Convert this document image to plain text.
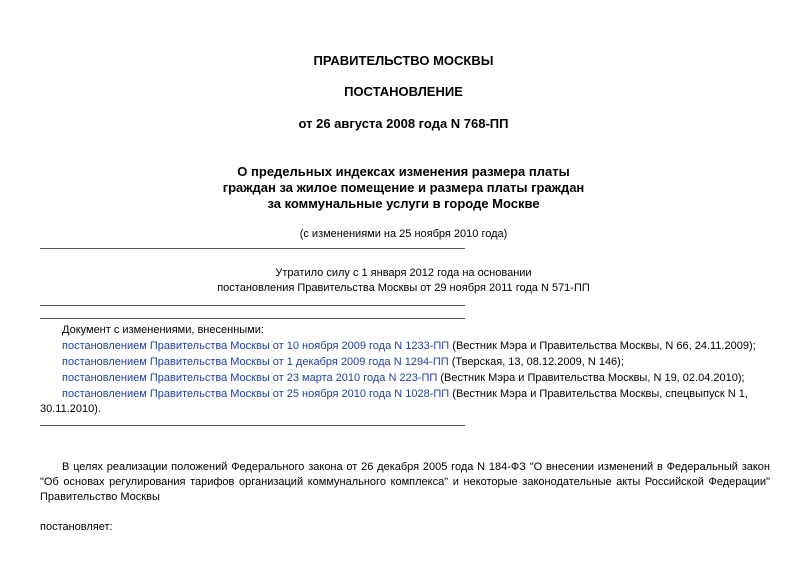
ПРАВИТЕЛЬСТВО МОСКВЫ
ПОСТАНОВЛЕНИЕ
от 26 августа 2008 года N 768-ПП
О предельных индексах изменения размера платы
граждан за жилое помещение и размера платы граждан
за коммунальные услуги в городе Москве
(с изменениями на 25 ноября 2010 года)
Утратило силу с 1 января 2012 года на основании
постановления Правительства Москвы от 29 ноября 2011 года N 571-ПП
Документ с изменениями, внесенными:
постановлением Правительства Москвы от 10 ноября 2009 года N 1233-ПП (Вестник Мэра и Правительства Москвы, N 66, 24.11.2009);
постановлением Правительства Москвы от 1 декабря 2009 года N 1294-ПП (Тверская, 13, 08.12.2009, N 146);
постановлением Правительства Москвы от 23 марта 2010 года N 223-ПП (Вестник Мэра и Правительства Москвы, N 19, 02.04.2010);
постановлением Правительства Москвы от 25 ноября 2010 года N 1028-ПП (Вестник Мэра и Правительства Москвы, спецвыпуск N 1,
30.11.2010).
В целях реализации положений Федерального закона от 26 декабря 2005 года N 184-ФЗ "О внесении изменений в Федеральный закон "Об основах регулирования тарифов организаций коммунального комплекса" и некоторые законодательные акты Российской Федерации" Правительство Москвы
постановляет:
